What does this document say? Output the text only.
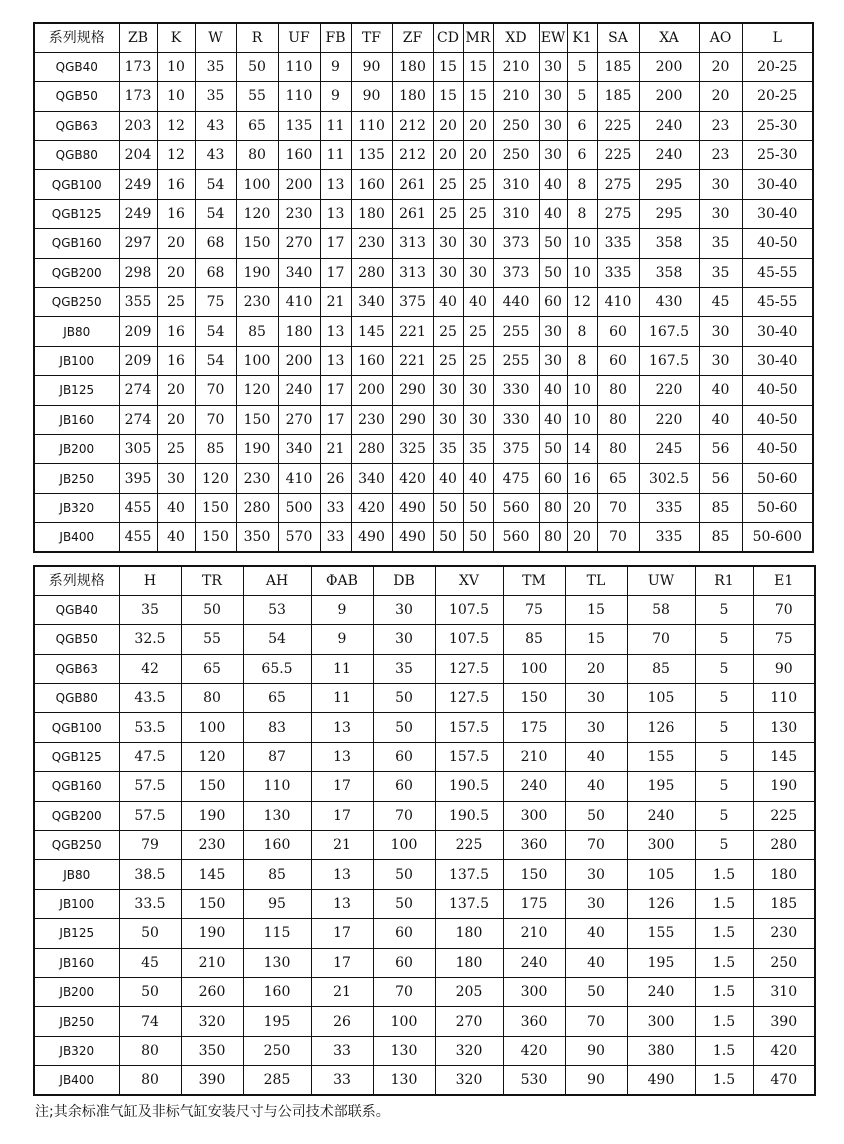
系列规格	ZB	K	W	R	UF	FB	TF	ZF	CD	MR	XD	EW	K1	SA	XA	AO	L
QGB40	173	10	35	50	110	9	90	180	15	15	210	30	5	185	200	20	20-25
QGB50	173	10	35	55	110	9	90	180	15	15	210	30	5	185	200	20	20-25
QGB63	203	12	43	65	135	11	110	212	20	20	250	30	6	225	240	23	25-30
QGB80	204	12	43	80	160	11	135	212	20	20	250	30	6	225	240	23	25-30
QGB100	249	16	54	100	200	13	160	261	25	25	310	40	8	275	295	30	30-40
QGB125	249	16	54	120	230	13	180	261	25	25	310	40	8	275	295	30	30-40
QGB160	297	20	68	150	270	17	230	313	30	30	373	50	10	335	358	35	40-50
QGB200	298	20	68	190	340	17	280	313	30	30	373	50	10	335	358	35	45-55
QGB250	355	25	75	230	410	21	340	375	40	40	440	60	12	410	430	45	45-55
JB80	209	16	54	85	180	13	145	221	25	25	255	30	8	60	167.5	30	30-40
JB100	209	16	54	100	200	13	160	221	25	25	255	30	8	60	167.5	30	30-40
JB125	274	20	70	120	240	17	200	290	30	30	330	40	10	80	220	40	40-50
JB160	274	20	70	150	270	17	230	290	30	30	330	40	10	80	220	40	40-50
JB200	305	25	85	190	340	21	280	325	35	35	375	50	14	80	245	56	40-50
JB250	395	30	120	230	410	26	340	420	40	40	475	60	16	65	302.5	56	50-60
JB320	455	40	150	280	500	33	420	490	50	50	560	80	20	70	335	85	50-60
JB400	455	40	150	350	570	33	490	490	50	50	560	80	20	70	335	85	50-600
系列规格	H	TR	AH	ΦAB	DB	XV	TM	TL	UW	R1	E1
QGB40	35	50	53	9	30	107.5	75	15	58	5	70
QGB50	32.5	55	54	9	30	107.5	85	15	70	5	75
QGB63	42	65	65.5	11	35	127.5	100	20	85	5	90
QGB80	43.5	80	65	11	50	127.5	150	30	105	5	110
QGB100	53.5	100	83	13	50	157.5	175	30	126	5	130
QGB125	47.5	120	87	13	60	157.5	210	40	155	5	145
QGB160	57.5	150	110	17	60	190.5	240	40	195	5	190
QGB200	57.5	190	130	17	70	190.5	300	50	240	5	225
QGB250	79	230	160	21	100	225	360	70	300	5	280
JB80	38.5	145	85	13	50	137.5	150	30	105	1.5	180
JB100	33.5	150	95	13	50	137.5	175	30	126	1.5	185
JB125	50	190	115	17	60	180	210	40	155	1.5	230
JB160	45	210	130	17	60	180	240	40	195	1.5	250
JB200	50	260	160	21	70	205	300	50	240	1.5	310
JB250	74	320	195	26	100	270	360	70	300	1.5	390
JB320	80	350	250	33	130	320	420	90	380	1.5	420
JB400	80	390	285	33	130	320	530	90	490	1.5	470
注;其余标准气缸及非标气缸安装尺寸与公司技术部联系。
